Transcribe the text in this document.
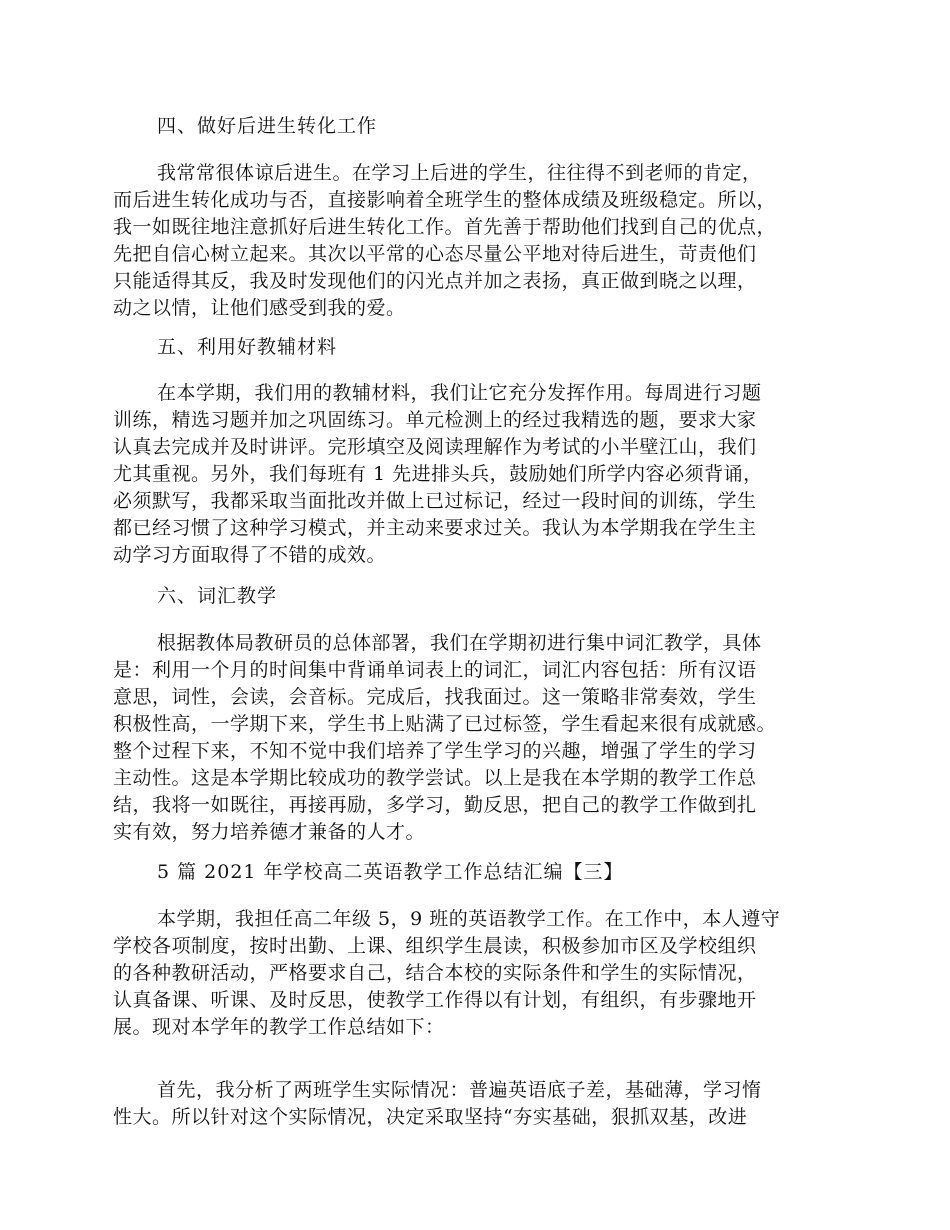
四、做好后进生转化工作
我常常很体谅后进生。在学习上后进的学生，往往得不到老师的肯定，
而后进生转化成功与否，直接影响着全班学生的整体成绩及班级稳定。所以，
我一如既往地注意抓好后进生转化工作。首先善于帮助他们找到自己的优点，
先把自信心树立起来。其次以平常的心态尽量公平地对待后进生，苛责他们
只能适得其反，我及时发现他们的闪光点并加之表扬，真正做到晓之以理，
动之以情，让他们感受到我的爱。
五、利用好教辅材料
在本学期，我们用的教辅材料，我们让它充分发挥作用。每周进行习题
训练，精选习题并加之巩固练习。单元检测上的经过我精选的题，要求大家
认真去完成并及时讲评。完形填空及阅读理解作为考试的小半壁江山，我们
尤其重视。另外，我们每班有 1 先进排头兵，鼓励她们所学内容必须背诵，
必须默写，我都采取当面批改并做上已过标记，经过一段时间的训练，学生
都已经习惯了这种学习模式，并主动来要求过关。我认为本学期我在学生主
动学习方面取得了不错的成效。
六、词汇教学
根据教体局教研员的总体部署，我们在学期初进行集中词汇教学，具体
是：利用一个月的时间集中背诵单词表上的词汇，词汇内容包括：所有汉语
意思，词性，会读，会音标。完成后，找我面过。这一策略非常奏效，学生
积极性高，一学期下来，学生书上贴满了已过标签，学生看起来很有成就感。
整个过程下来，不知不觉中我们培养了学生学习的兴趣，增强了学生的学习
主动性。这是本学期比较成功的教学尝试。以上是我在本学期的教学工作总
结，我将一如既往，再接再励，多学习，勤反思，把自己的教学工作做到扎
实有效，努力培养德才兼备的人才。
5 篇 2021 年学校高二英语教学工作总结汇编【三】
本学期，我担任高二年级 5，9 班的英语教学工作。在工作中，本人遵守
学校各项制度，按时出勤、上课、组织学生晨读，积极参加市区及学校组织
的各种教研活动，严格要求自己，结合本校的实际条件和学生的实际情况，
认真备课、听课、及时反思，使教学工作得以有计划，有组织，有步骤地开
展。现对本学年的教学工作总结如下：
首先，我分析了两班学生实际情况：普遍英语底子差，基础薄，学习惰
性大。所以针对这个实际情况，决定采取坚持“夯实基础，狠抓双基，改进
